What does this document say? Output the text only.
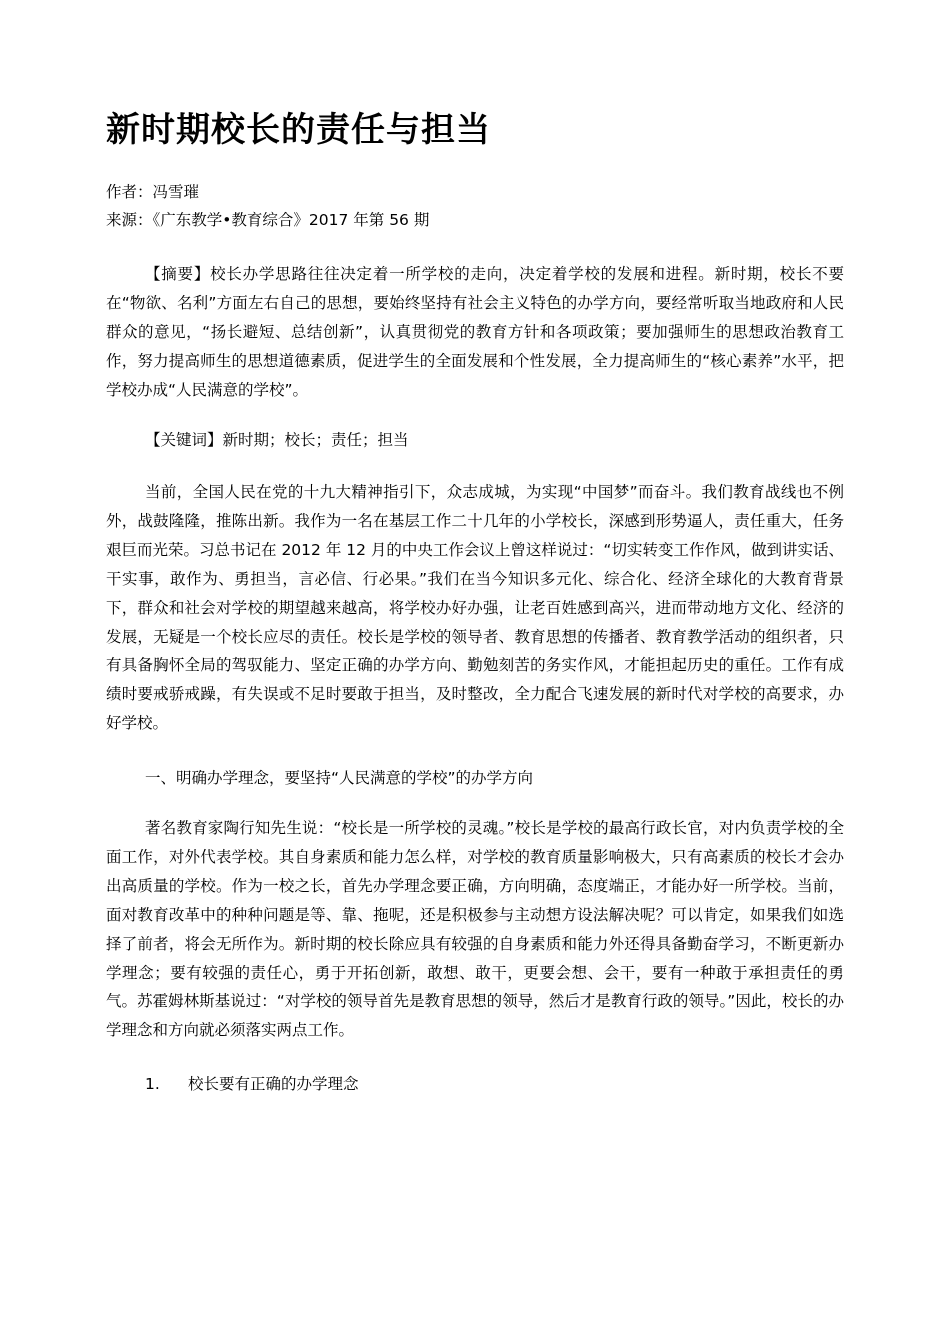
新时期校长的责任与担当
作者：冯雪璀
来源：《广东教学•教育综合》2017 年第 56 期

【摘要】校长办学思路往往决定着一所学校的走向，决定着学校的发展和进程。新时期，校长不要在“物欲、名利”方面左右自己的思想，要始终坚持有社会主义特色的办学方向，要经常听取当地政府和人民群众的意见，“扬长避短、总结创新”，认真贯彻党的教育方针和各项政策；要加强师生的思想政治教育工作，努力提高师生的思想道德素质，促进学生的全面发展和个性发展，全力提高师生的“核心素养”水平，把学校办成“人民满意的学校”。

【关键词】新时期；校长；责任；担当

当前，全国人民在党的十九大精神指引下，众志成城，为实现“中国梦”而奋斗。我们教育战线也不例外，战鼓隆隆，推陈出新。我作为一名在基层工作二十几年的小学校长，深感到形势逼人，责任重大，任务艰巨而光荣。习总书记在 2012 年 12 月的中央工作会议上曾这样说过：“切实转变工作作风，做到讲实话、干实事，敢作为、勇担当，言必信、行必果。”我们在当今知识多元化、综合化、经济全球化的大教育背景下，群众和社会对学校的期望越来越高，将学校办好办强，让老百姓感到高兴，进而带动地方文化、经济的发展，无疑是一个校长应尽的责任。校长是学校的领导者、教育思想的传播者、教育教学活动的组织者，只有具备胸怀全局的驾驭能力、坚定正确的办学方向、勤勉刻苦的务实作风，才能担起历史的重任。工作有成绩时要戒骄戒躁，有失误或不足时要敢于担当，及时整改，全力配合飞速发展的新时代对学校的高要求，办好学校。

一、明确办学理念，要坚持“人民满意的学校”的办学方向

著名教育家陶行知先生说：“校长是一所学校的灵魂。”校长是学校的最高行政长官，对内负责学校的全面工作，对外代表学校。其自身素质和能力怎么样，对学校的教育质量影响极大，只有高素质的校长才会办出高质量的学校。作为一校之长，首先办学理念要正确，方向明确，态度端正，才能办好一所学校。当前，面对教育改革中的种种问题是等、靠、拖呢，还是积极参与主动想方设法解决呢？可以肯定，如果我们如选择了前者，将会无所作为。新时期的校长除应具有较强的自身素质和能力外还得具备勤奋学习，不断更新办学理念；要有较强的责任心，勇于开拓创新，敢想、敢干，更要会想、会干，要有一种敢于承担责任的勇气。苏霍姆林斯基说过：“对学校的领导首先是教育思想的领导，然后才是教育行政的领导。”因此，校长的办学理念和方向就必须落实两点工作。

1. 校长要有正确的办学理念
